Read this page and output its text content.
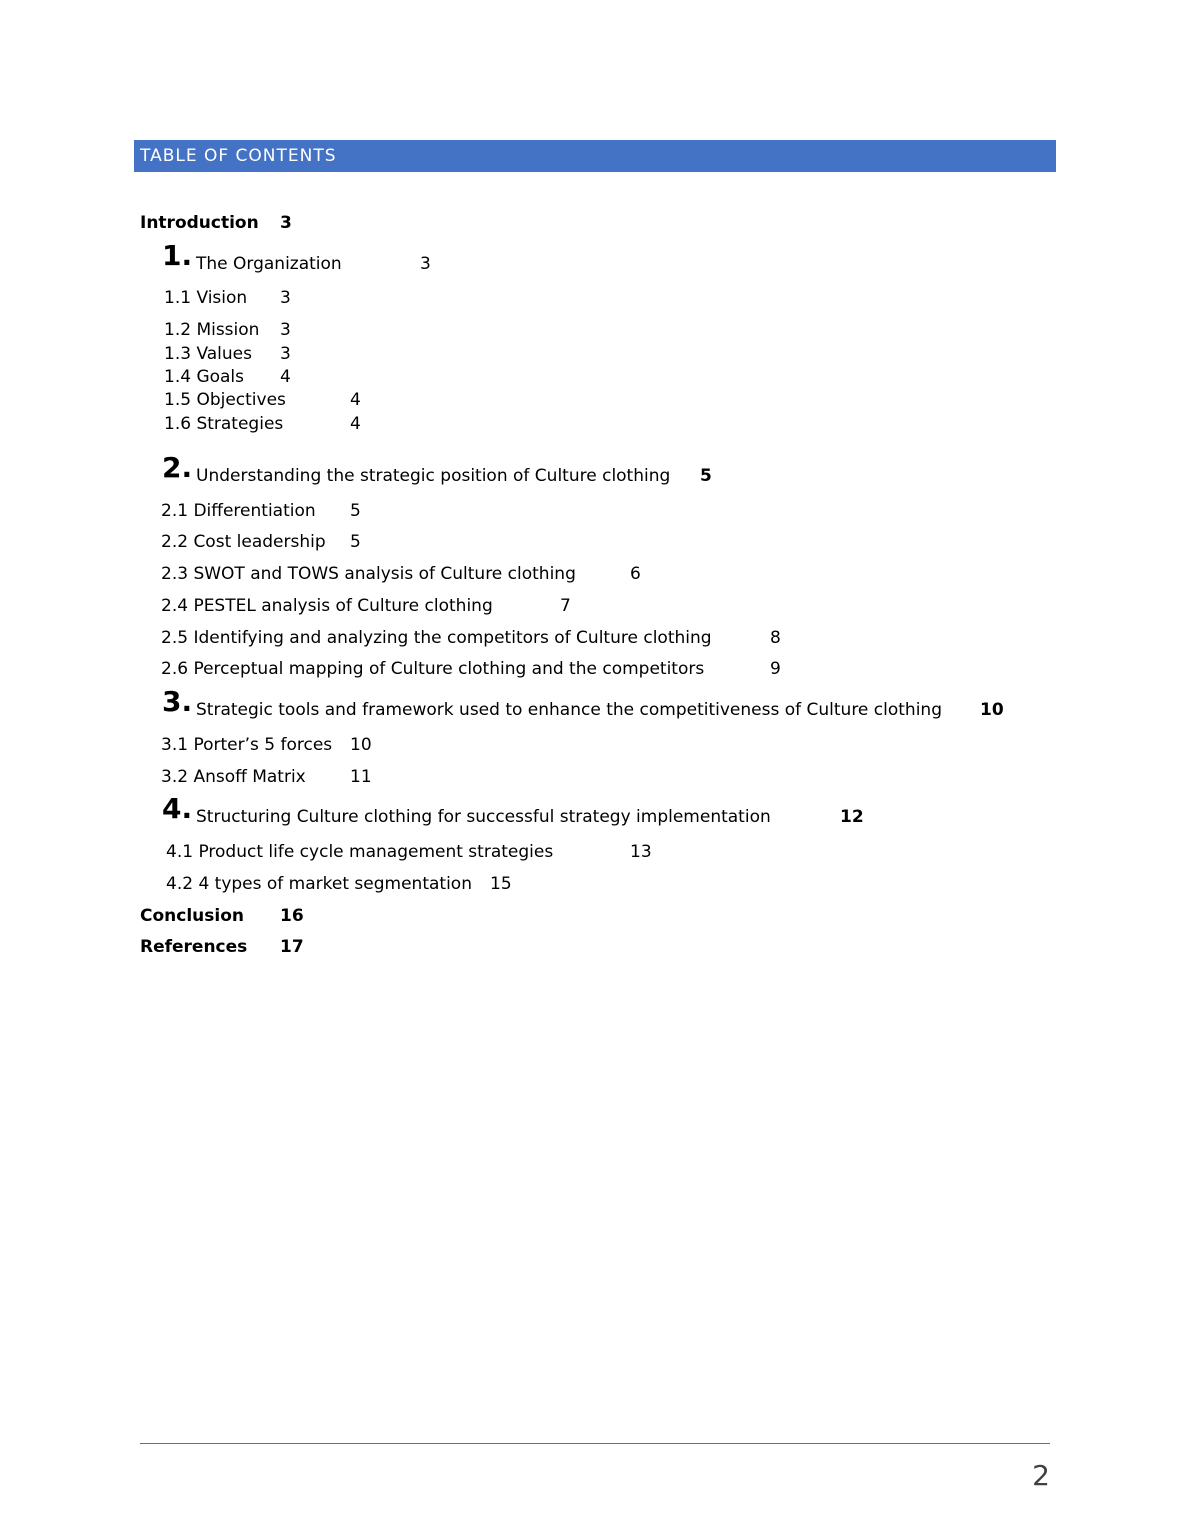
TABLE OF CONTENTS
Introduction 3
1. The Organization	3
1.1 Vision 3
1.2 Mission 3
1.3 Values 3
1.4 Goals 4
1.5 Objectives	4
1.6 Strategies	4
2. Understanding the strategic position of Culture clothing 5
2.1 Differentiation 5
2.2 Cost leadership 5
2.3 SWOT and TOWS analysis of Culture clothing	6
2.4 PESTEL analysis of Culture clothing	7
2.5 Identifying and analyzing the competitors of Culture clothing	8
2.6 Perceptual mapping of Culture clothing and the competitors	9
3. Strategic tools and framework used to enhance the competitiveness of Culture clothing 10
3.1 Porter’s 5 forces 10
3.2 Ansoff Matrix	11
4. Structuring Culture clothing for successful strategy implementation	12
4.1 Product life cycle management strategies	13
4.2 4 types of market segmentation 15
Conclusion 16
References 17
2
